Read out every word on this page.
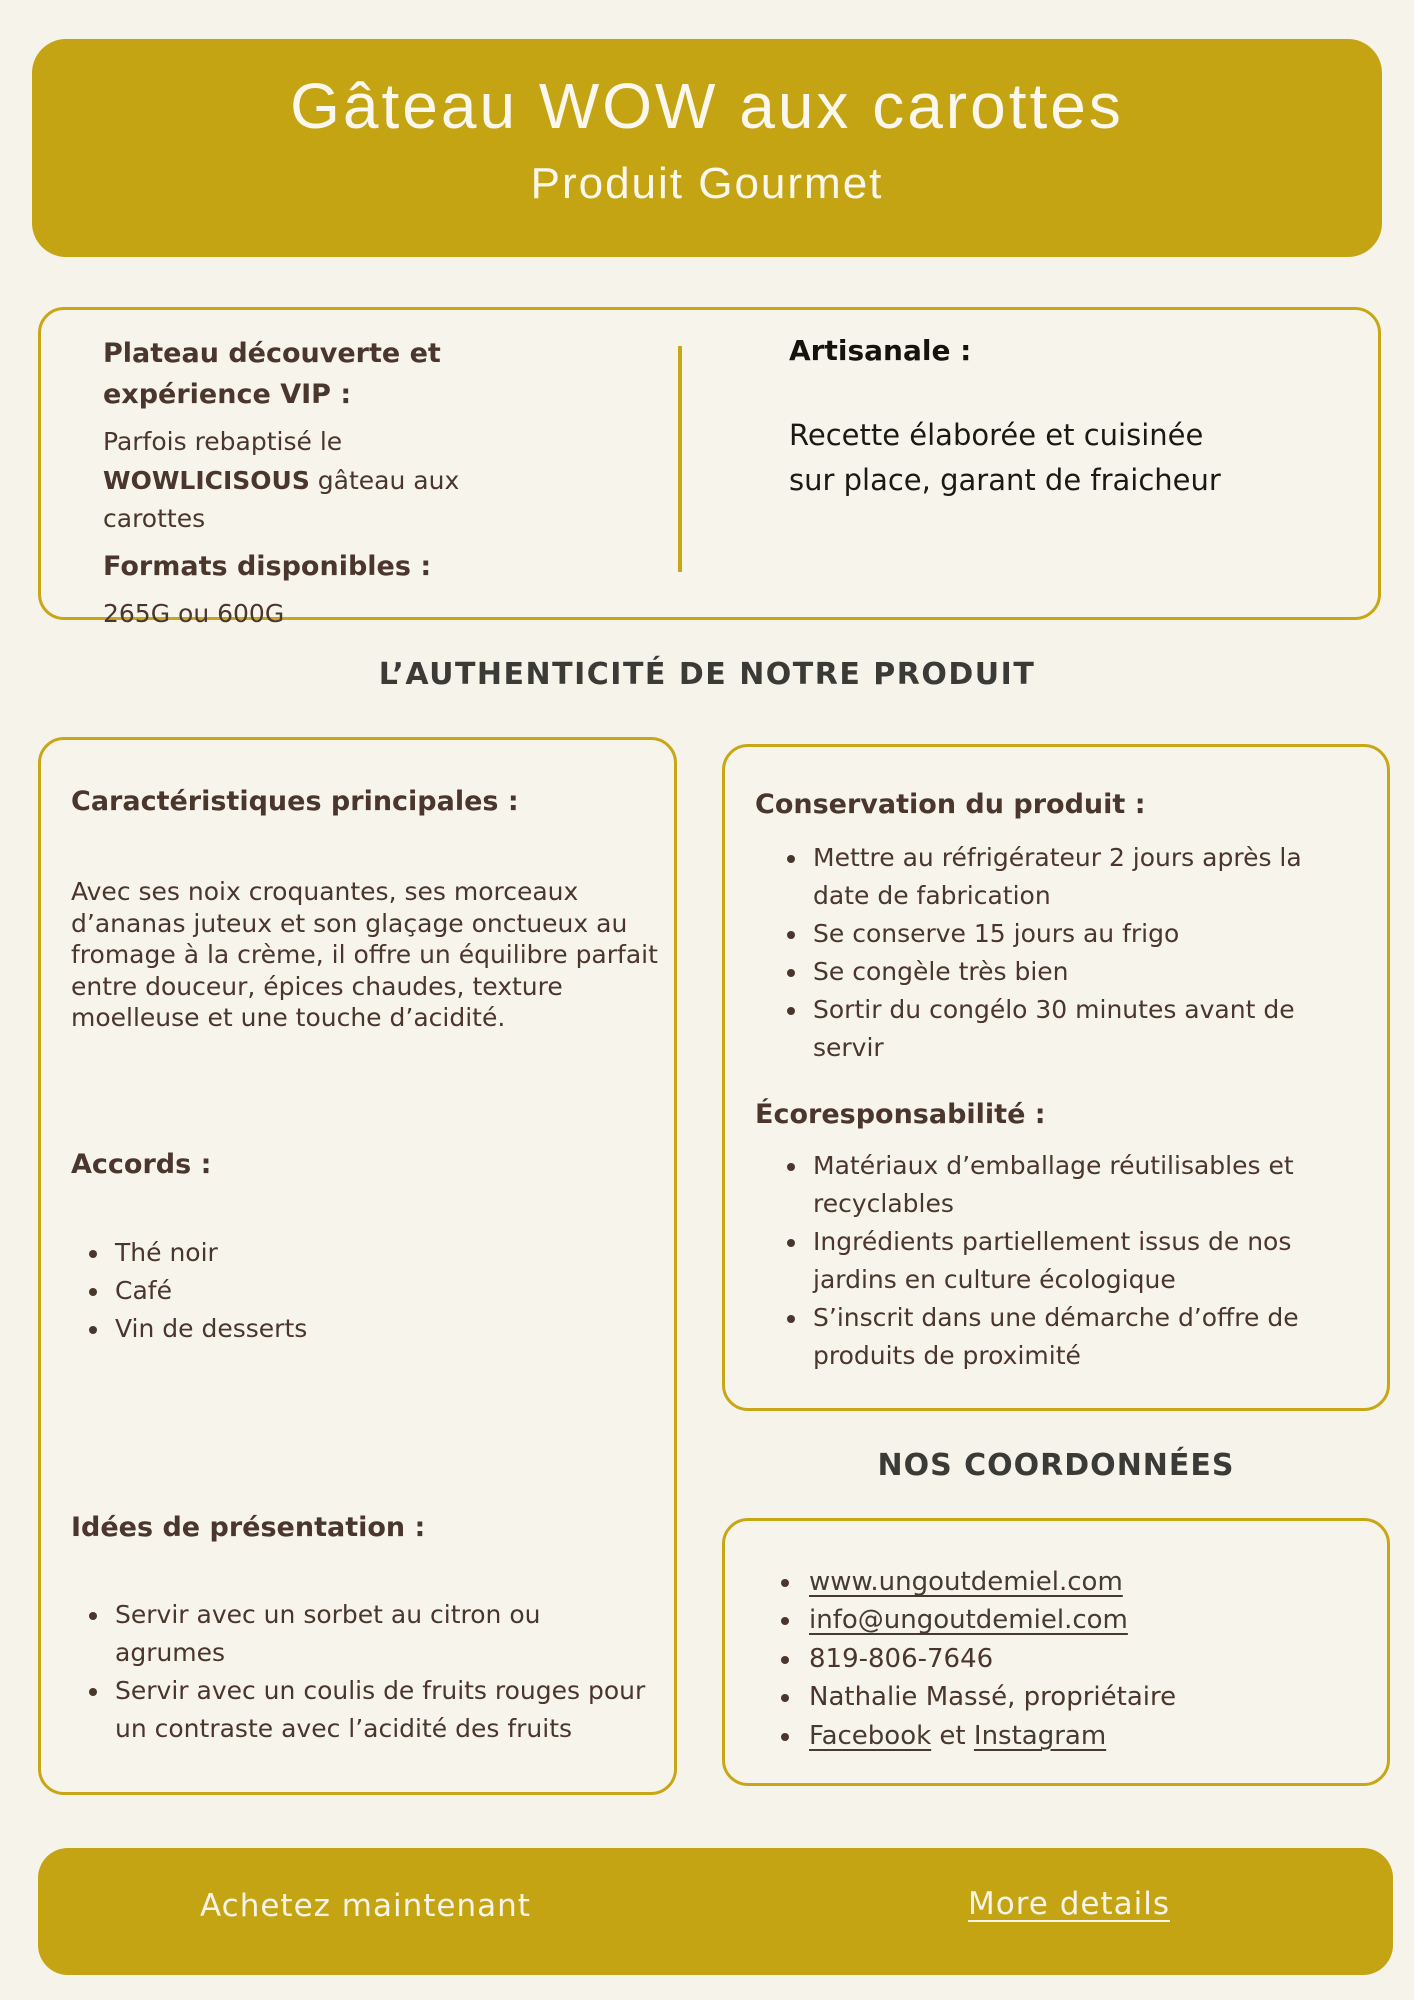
Gâteau WOW aux carottes
Produit Gourmet
Plateau découverte et expérience VIP :
Parfois rebaptisé le WOWLICISOUS gâteau aux carottes
Formats disponibles :
265G ou 600G
Artisanale :
Recette élaborée et cuisinée sur place, garant de fraicheur
L’AUTHENTICITÉ DE NOTRE PRODUIT
Caractéristiques principales :
Avec ses noix croquantes, ses morceaux d’ananas juteux et son glaçage onctueux au fromage à la crème, il offre un équilibre parfait entre douceur, épices chaudes, texture moelleuse et une touche d’acidité.
Accords :
Thé noir
Café
Vin de desserts
Idées de présentation :
Servir avec un sorbet au citron ou agrumes
Servir avec un coulis de fruits rouges pour un contraste avec l’acidité des fruits
Conservation du produit :
Mettre au réfrigérateur 2 jours après la date de fabrication
Se conserve 15 jours au frigo
Se congèle très bien
Sortir du congélo 30 minutes avant de servir
Écoresponsabilité :
Matériaux d’emballage réutilisables et recyclables
Ingrédients partiellement issus de nos jardins en culture écologique
S’inscrit dans une démarche d’offre de produits de proximité
NOS COORDONNÉES
www.ungoutdemiel.com
info@ungoutdemiel.com
819-806-7646
Nathalie Massé, propriétaire
Facebook et Instagram
Achetez maintenant	More details
